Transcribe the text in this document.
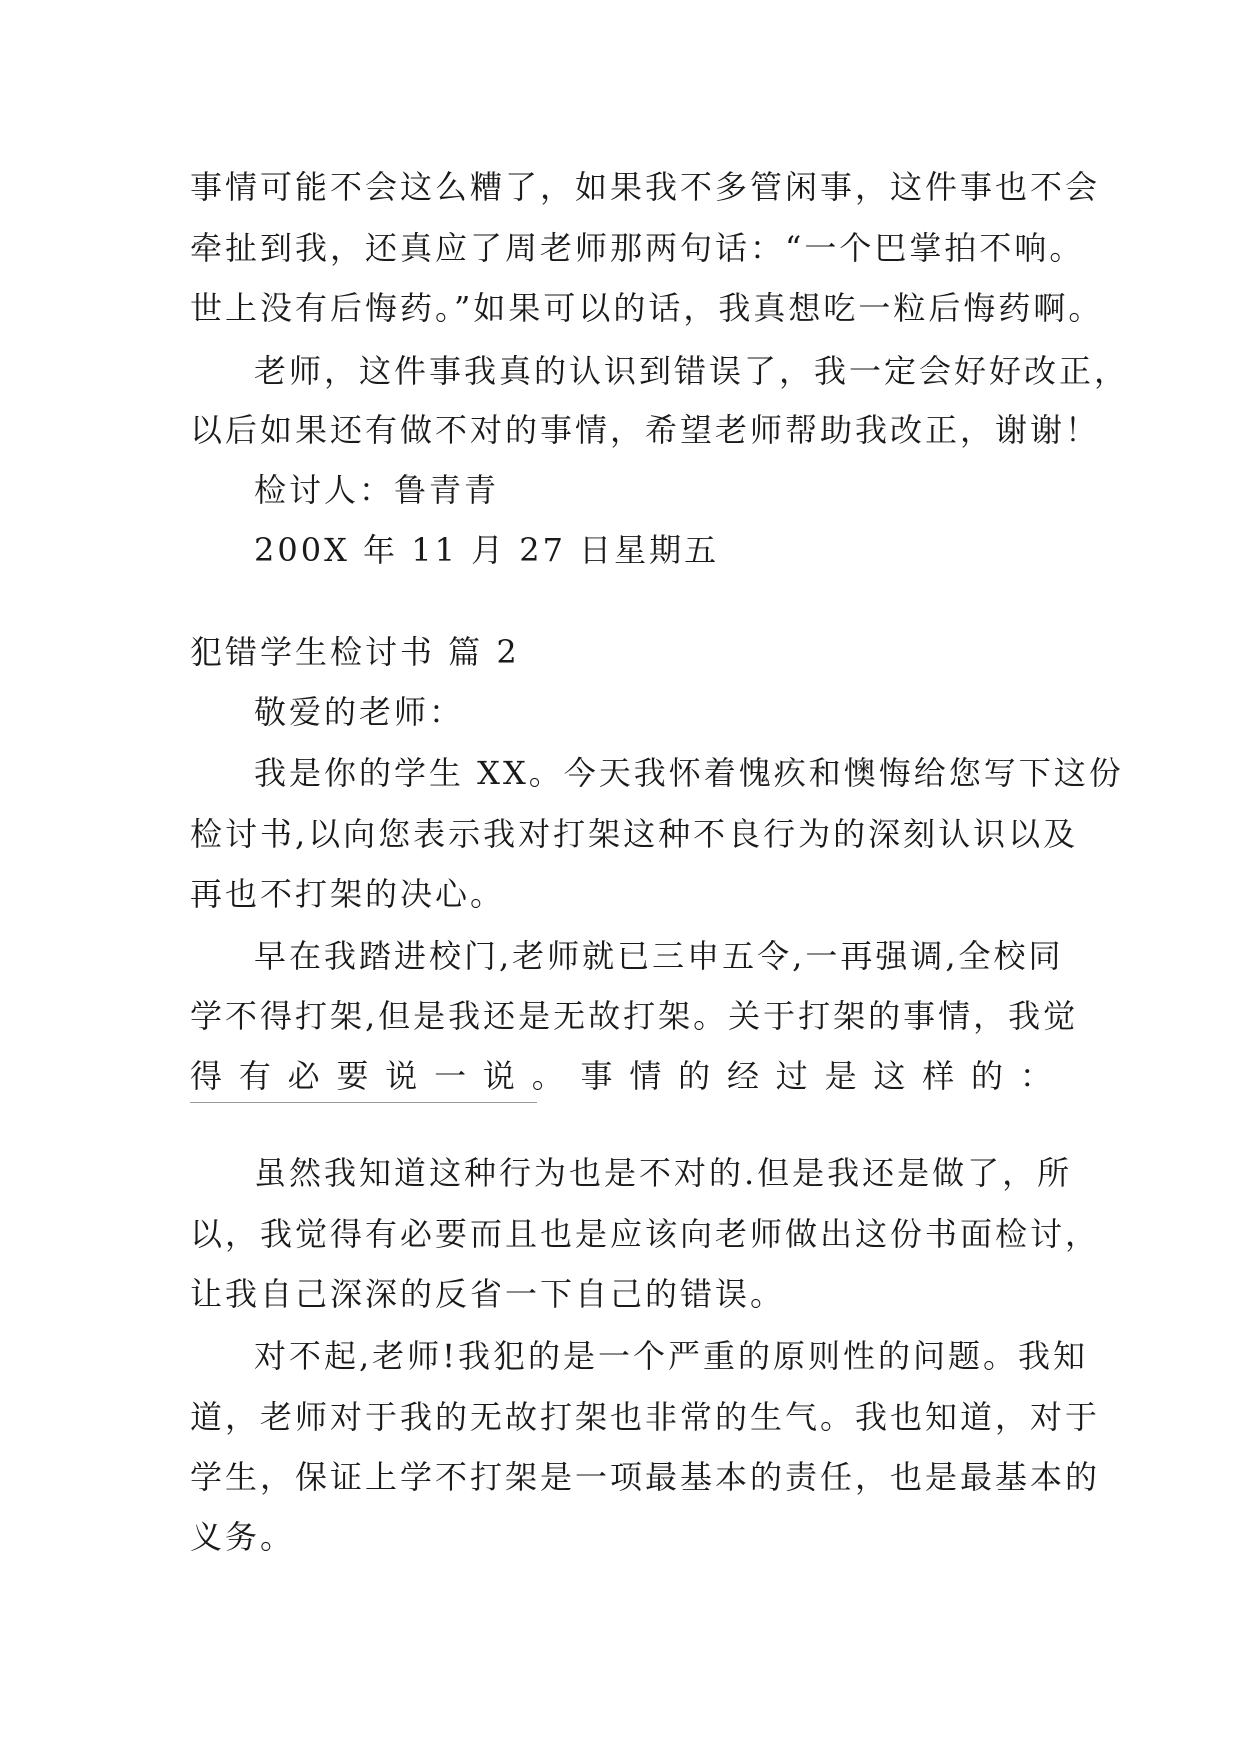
事情可能不会这么糟了，如果我不多管闲事，这件事也不会
牵扯到我，还真应了周老师那两句话：“一个巴掌拍不响。
世上没有后悔药。”如果可以的话，我真想吃一粒后悔药啊。
老师，这件事我真的认识到错误了，我一定会好好改正，
以后如果还有做不对的事情，希望老师帮助我改正，谢谢！
检讨人：鲁青青
200X 年 11 月 27 日星期五
犯错学生检讨书 篇 2
敬爱的老师：
我是你的学生 XX。今天我怀着愧疚和懊悔给您写下这份
检讨书,以向您表示我对打架这种不良行为的深刻认识以及
再也不打架的决心。
早在我踏进校门,老师就已三申五令,一再强调,全校同
学不得打架,但是我还是无故打架。关于打架的事情，我觉
得 有 必 要 说 一 说 。 事 情 的 经 过 是 这 样 的 ：
虽然我知道这种行为也是不对的.但是我还是做了，所
以，我觉得有必要而且也是应该向老师做出这份书面检讨，
让我自己深深的反省一下自己的错误。
对不起,老师!我犯的是一个严重的原则性的问题。我知
道，老师对于我的无故打架也非常的生气。我也知道，对于
学生，保证上学不打架是一项最基本的责任，也是最基本的
义务。
